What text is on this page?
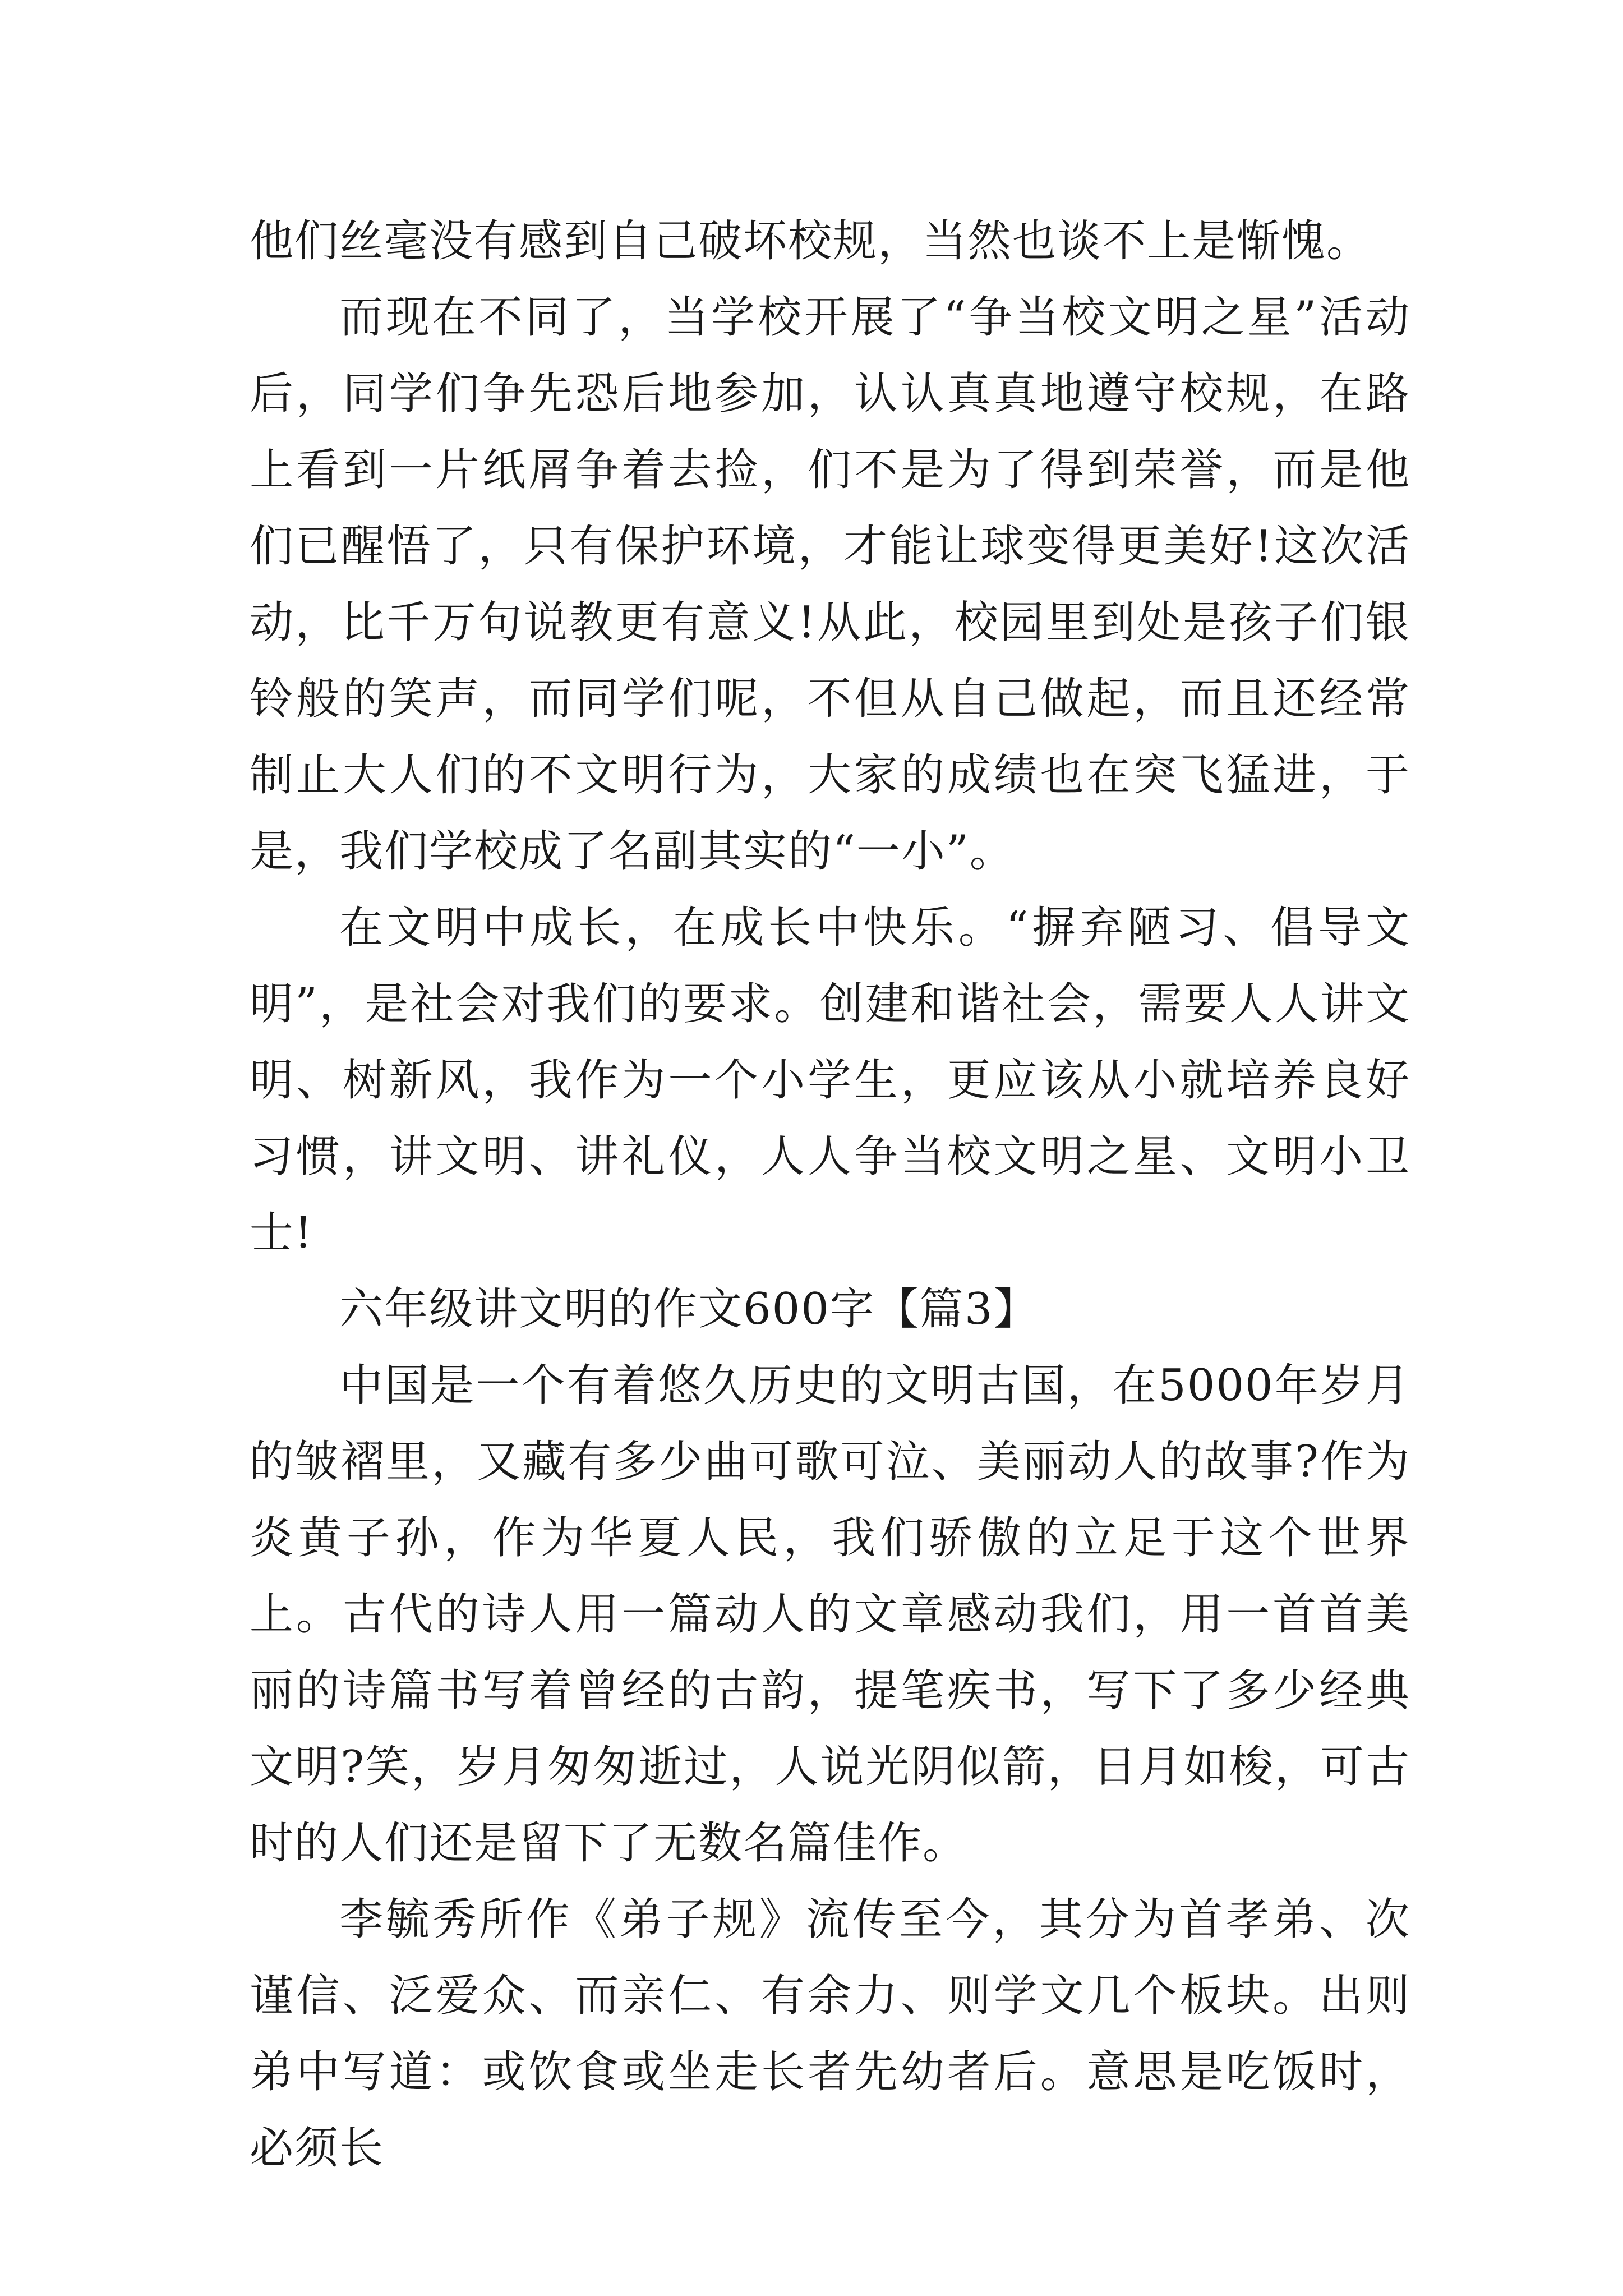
他们丝毫没有感到自己破坏校规，当然也谈不上是惭愧。

而现在不同了，当学校开展了“争当校文明之星”活动后，同学们争先恐后地参加，认认真真地遵守校规，在路上看到一片纸屑争着去捡，们不是为了得到荣誉，而是他们已醒悟了，只有保护环境，才能让球变得更美好!这次活动，比千万句说教更有意义!从此，校园里到处是孩子们银铃般的笑声，而同学们呢，不但从自己做起，而且还经常制止大人们的不文明行为，大家的成绩也在突飞猛进，于是，我们学校成了名副其实的“一小”。

在文明中成长，在成长中快乐。“摒弃陋习、倡导文明”，是社会对我们的要求。创建和谐社会，需要人人讲文明、树新风，我作为一个小学生，更应该从小就培养良好习惯，讲文明、讲礼仪，人人争当校文明之星、文明小卫士!

六年级讲文明的作文600字【篇3】

中国是一个有着悠久历史的文明古国，在5000年岁月的皱褶里，又藏有多少曲可歌可泣、美丽动人的故事?作为炎黄子孙，作为华夏人民，我们骄傲的立足于这个世界上。古代的诗人用一篇动人的文章感动我们，用一首首美丽的诗篇书写着曾经的古韵，提笔疾书，写下了多少经典文明?笑，岁月匆匆逝过，人说光阴似箭，日月如梭，可古时的人们还是留下了无数名篇佳作。

李毓秀所作《弟子规》流传至今，其分为首孝弟、次谨信、泛爱众、而亲仁、有余力、则学文几个板块。出则弟中写道：或饮食或坐走长者先幼者后。意思是吃饭时，必须长
